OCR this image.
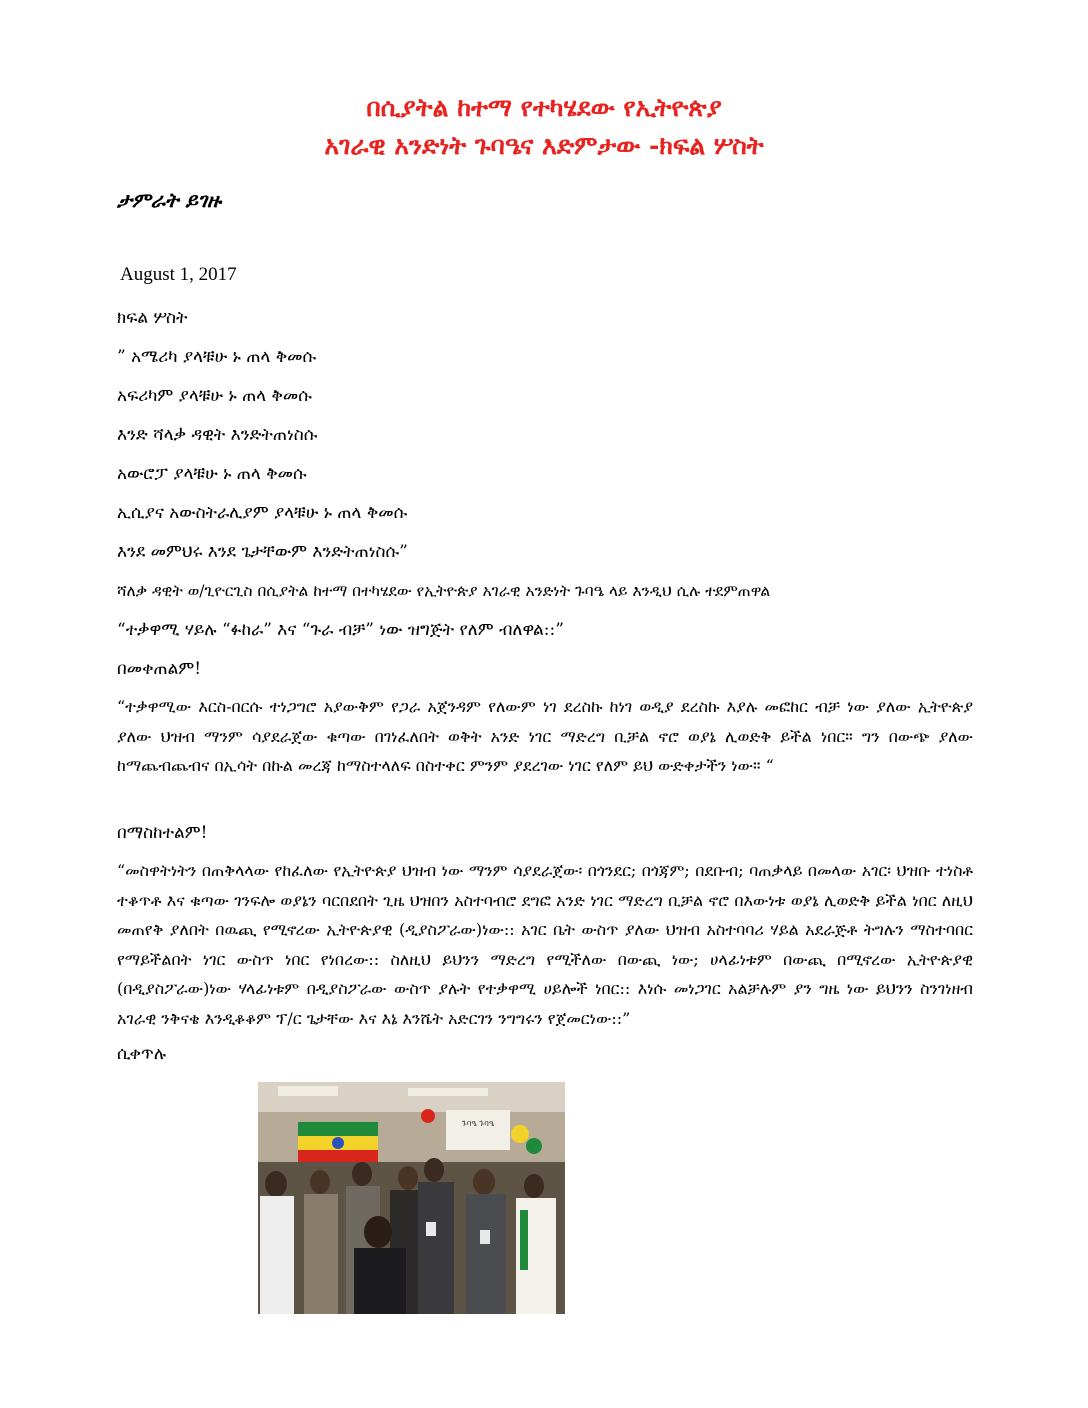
በሲያትል ከተማ የተካሄደው የኢትዮጵያ
አገራዊ አንድነት ጉባዔና እድምታው -ክፍል ሦስት
ታምራት ይገዙ
August 1, 2017
ክፍል ሦስት
” አሜሪካ ያላቹሁ ኑ ጠላ ቅመሱ
አፍሪካም ያላቹሁ ኑ ጠላ ቅመሱ
እንድ ሻላቃ ዳዊት እንድትጠነስሱ
አውሮፓ ያላቹሁ ኑ ጠላ ቅመሱ
ኢሲያና አውስትራሊያም ያላቹሁ ኑ ጠላ ቅመሱ
እንደ መምህሩ እንደ ጌታቸውም እንድትጠነስሱ”
ሻለቃ ዳዊት ወ/ጊዮርጊስ በሲያትል ከተማ በተካሄደው የኢትዮጵያ አገራዊ አንድነት ጉባዔ ላይ እንዲህ ሲሉ ተደምጠዋል
“ተቃዋሚ ሃይሉ “ፉከራ” እና “ጉራ ብቻ” ነው ዝግጅት የለም ብለዋል::”
በመቀጠልም!
“ተቃዋሚው እርስ-በርሱ ተነጋግሮ አያውቅም የጋራ አጀንዳም የለውም ነገ ደረስኩ ከነገ ወዲያ ደረስኩ እያሉ መፎከር ብቻ ነው ያለው ኢትዮጵያ ያለው ህዝብ ማንም ሳያደራጀው ቁጣው በገነፈለበት ወቅት አንድ ነገር ማድረግ ቢቻል ኖሮ ወያኔ ሊወድቅ ይችል ነበር። ግን በውጭ ያለው ከማጨብጨብና በኢሳት በኩል መረጃ ከማስተላለፍ በስተቀር ምንም ያደረገው ነገር የለም ይህ ውድቀታችን ነው። “
በማስከተልም!
“መስዋትነትን በጠቅላላው የከፈለው የኢትዮጵያ ህዝብ ነው ማንም ሳያደራጀው፡ በጎንደር; በጎጃም; በደቡብ; ባጠቃላይ በመላው አገር፡ ህዝቡ ተነስቶ ተቆጥቶ እና ቁጣው ገንፍሎ ወያኔን ባርበደበት ጊዜ ህዝበን አስተባብሮ ደግፎ አንድ ነገር ማድረግ ቢቻል ኖሮ በእውነቱ ወያኔ ሊወድቅ ይችል ነበር ለዚህ መጠየቅ ያለበት በዉጪ የሚኖረው ኢትዮጵያዊ (ዲያስፖራው)ነው:: አገር ቤት ውስጥ ያለው ህዝብ አስተባባሪ ሃይል አደራጅቶ ትግሉን ማስተባበር የማይችልበት ነገር ውስጥ ነበር የነበረው:: ስለዚህ ይህንን ማድረግ የሚችለው በውጪ ነው; ሀላፊነቱም በውጪ በሚኖረው ኢትዮጵያዊ (በዲያስፖራው)ነው ሃላፊነቱም በዲያስፖራው ውስጥ ያሉት የተቃዋሚ ሀይሎች ነበር:: እነሱ መነጋገር አልቻሉም ያን ግዜ ነው ይህንን ስንገነዘብ አገራዊ ንቅናቄ እንዲቆቆም ፕ/ር ጌታቸው እና እኔ እንሼት አድርገን ንግግሩን የጀመርነው::”
ሲቀጥሉ
ጉባዔ ጉባዔ
